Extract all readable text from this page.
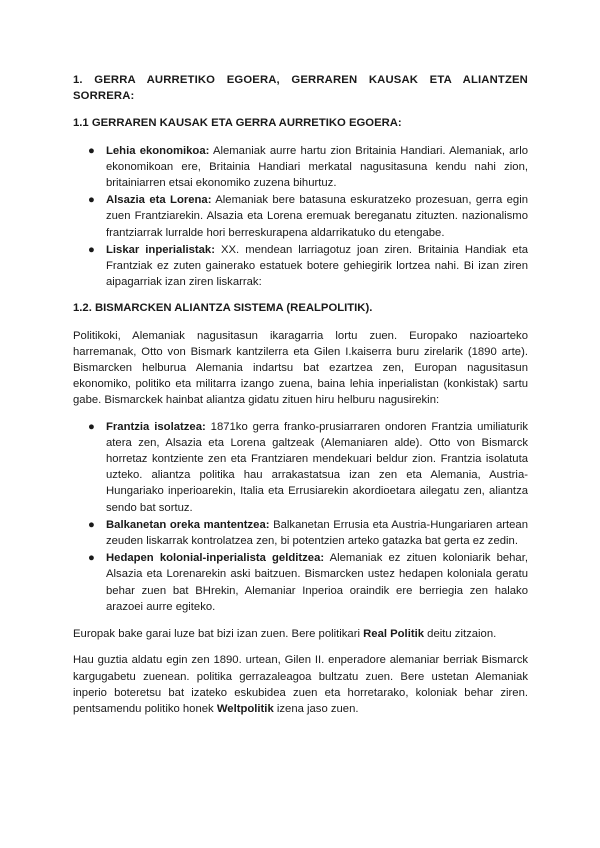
1. GERRA AURRETIKO EGOERA, GERRAREN KAUSAK ETA ALIANTZEN SORRERA:
1.1 GERRAREN KAUSAK ETA GERRA AURRETIKO EGOERA:
● Lehia ekonomikoa: Alemaniak aurre hartu zion Britainia Handiari. Alemaniak, arlo ekonomikoan ere, Britainia Handiari merkatal nagusitasuna kendu nahi zion, britainiarren etsai ekonomiko zuzena bihurtuz.
● Alsazia eta Lorena: Alemaniak bere batasuna eskuratzeko prozesuan, gerra egin zuen Frantziarekin. Alsazia eta Lorena eremuak bereganatu zituzten. nazionalismo frantziarrak lurralde hori berreskurapena aldarrikatuko du etengabe.
● Liskar inperialistak: XX. mendean larriagotuz joan ziren. Britainia Handiak eta Frantziak ez zuten gainerako estatuek botere gehiegirik lortzea nahi. Bi izan ziren aipagarriak izan ziren liskarrak:
1.2. BISMARCKEN ALIANTZA SISTEMA (REALPOLITIK).

Politikoki, Alemaniak nagusitasun ikaragarria lortu zuen. Europako nazioarteko harremanak, Otto von Bismark kantzilerra eta Gilen I.kaiserra buru zirelarik (1890 arte). Bismarcken helburua Alemania indartsu bat ezartzea zen, Europan nagusitasun ekonomiko, politiko eta militarra izango zuena, baina lehia inperialistan (konkistak) sartu gabe. Bismarckek hainbat aliantza gidatu zituen hiru helburu nagusirekin:

● Frantzia isolatzea: 1871ko gerra franko-prusiarraren ondoren Frantzia umiliaturik atera zen, Alsazia eta Lorena galtzeak (Alemaniaren alde). Otto von Bismarck horretaz kontziente zen eta Frantziaren mendekuari beldur zion. Frantzia isolatuta uzteko. aliantza politika hau arrakastatsua izan zen eta Alemania, Austria-Hungariako inperioarekin, Italia eta Errusiarekin akordioetara ailegatu zen, aliantza sendo bat sortuz.
● Balkanetan oreka mantentzea: Balkanetan Errusia eta Austria-Hungariaren artean zeuden liskarrak kontrolatzea zen, bi potentzien arteko gatazka bat gerta ez zedin.
● Hedapen kolonial-inperialista gelditzea: Alemaniak ez zituen koloniarik behar, Alsazia eta Lorenarekin aski baitzuen. Bismarcken ustez hedapen koloniala geratu behar zuen bat BHrekin, Alemaniar Inperioa oraindik ere berriegia zen halako arazoei aurre egiteko.

Europak bake garai luze bat bizi izan zuen. Bere politikari Real Politik deitu zitzaion.

Hau guztia aldatu egin zen 1890. urtean, Gilen II. enperadore alemaniar berriak Bismarck kargugabetu zuenean. politika gerrazaleagoa bultzatu zuen. Bere ustetan Alemaniak inperio boteretsu bat izateko eskubidea zuen eta horretarako, koloniak behar ziren. pentsamendu politiko honek Weltpolitik izena jaso zuen.
